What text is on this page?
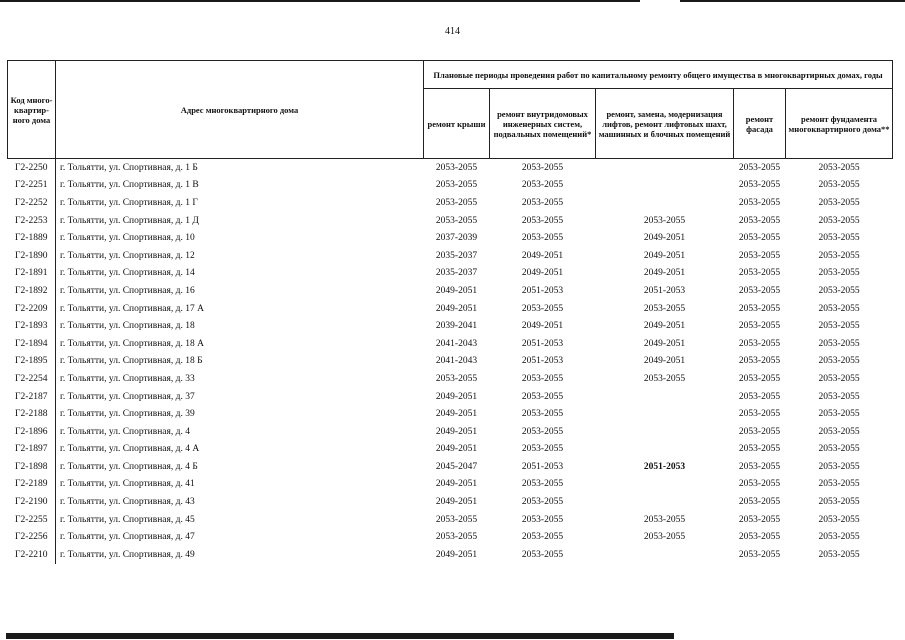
414
Код много-квартир-ного дома	Адрес многоквартирного дома	Плановые периоды проведения работ по капитальному ремонту общего имущества в многоквартирных домах, годы				
		ремонт крыши	ремонт внутридомовых инженерных систем, подвальных помещений*	ремонт, замена, модернизация лифтов, ремонт лифтовых шахт, машинных и блочных помещений	ремонт фасада	ремонт фундамента многоквартирного дома**
Г2-2250	г. Тольятти, ул. Спортивная, д. 1 Б	2053-2055	2053-2055		2053-2055	2053-2055
Г2-2251	г. Тольятти, ул. Спортивная, д. 1 В	2053-2055	2053-2055		2053-2055	2053-2055
Г2-2252	г. Тольятти, ул. Спортивная, д. 1 Г	2053-2055	2053-2055		2053-2055	2053-2055
Г2-2253	г. Тольятти, ул. Спортивная, д. 1 Д	2053-2055	2053-2055	2053-2055	2053-2055	2053-2055
Г2-1889	г. Тольятти, ул. Спортивная, д. 10	2037-2039	2053-2055	2049-2051	2053-2055	2053-2055
Г2-1890	г. Тольятти, ул. Спортивная, д. 12	2035-2037	2049-2051	2049-2051	2053-2055	2053-2055
Г2-1891	г. Тольятти, ул. Спортивная, д. 14	2035-2037	2049-2051	2049-2051	2053-2055	2053-2055
Г2-1892	г. Тольятти, ул. Спортивная, д. 16	2049-2051	2051-2053	2051-2053	2053-2055	2053-2055
Г2-2209	г. Тольятти, ул. Спортивная, д. 17 А	2049-2051	2053-2055	2053-2055	2053-2055	2053-2055
Г2-1893	г. Тольятти, ул. Спортивная, д. 18	2039-2041	2049-2051	2049-2051	2053-2055	2053-2055
Г2-1894	г. Тольятти, ул. Спортивная, д. 18 А	2041-2043	2051-2053	2049-2051	2053-2055	2053-2055
Г2-1895	г. Тольятти, ул. Спортивная, д. 18 Б	2041-2043	2051-2053	2049-2051	2053-2055	2053-2055
Г2-2254	г. Тольятти, ул. Спортивная, д. 33	2053-2055	2053-2055	2053-2055	2053-2055	2053-2055
Г2-2187	г. Тольятти, ул. Спортивная, д. 37	2049-2051	2053-2055		2053-2055	2053-2055
Г2-2188	г. Тольятти, ул. Спортивная, д. 39	2049-2051	2053-2055		2053-2055	2053-2055
Г2-1896	г. Тольятти, ул. Спортивная, д. 4	2049-2051	2053-2055		2053-2055	2053-2055
Г2-1897	г. Тольятти, ул. Спортивная, д. 4 А	2049-2051	2053-2055		2053-2055	2053-2055
Г2-1898	г. Тольятти, ул. Спортивная, д. 4 Б	2045-2047	2051-2053	2051-2053	2053-2055	2053-2055
Г2-2189	г. Тольятти, ул. Спортивная, д. 41	2049-2051	2053-2055		2053-2055	2053-2055
Г2-2190	г. Тольятти, ул. Спортивная, д. 43	2049-2051	2053-2055		2053-2055	2053-2055
Г2-2255	г. Тольятти, ул. Спортивная, д. 45	2053-2055	2053-2055	2053-2055	2053-2055	2053-2055
Г2-2256	г. Тольятти, ул. Спортивная, д. 47	2053-2055	2053-2055	2053-2055	2053-2055	2053-2055
Г2-2210	г. Тольятти, ул. Спортивная, д. 49	2049-2051	2053-2055		2053-2055	2053-2055
